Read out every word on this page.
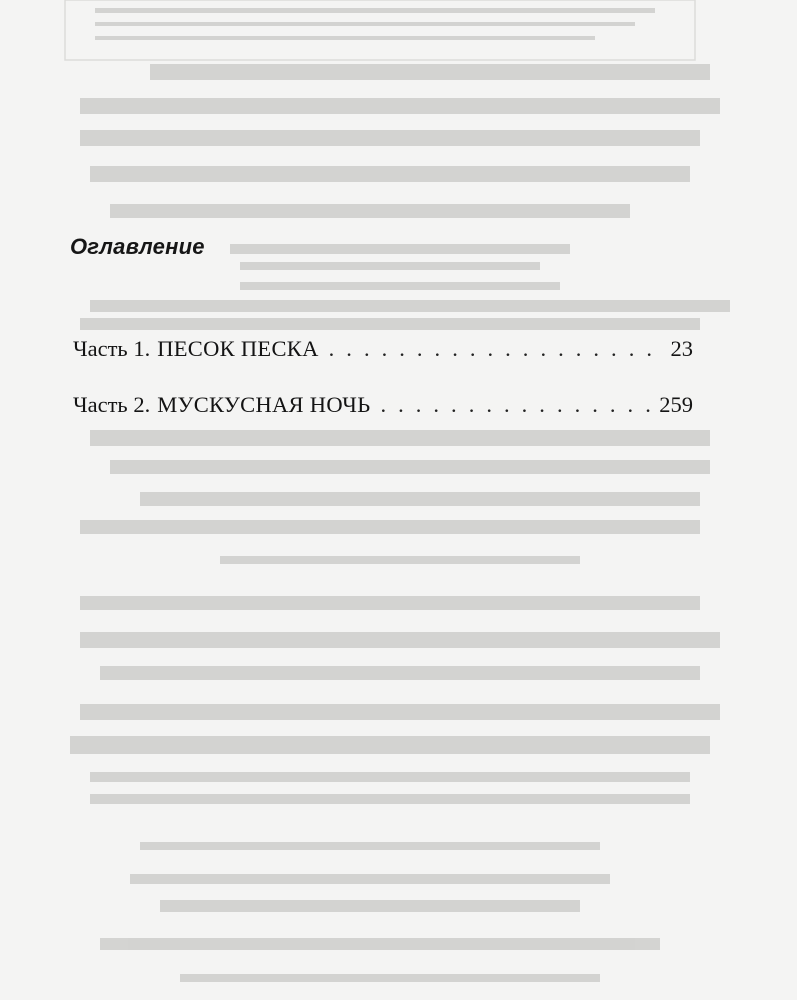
Оглавление
Часть 1. ПЕСОК ПЕСКА . . .	23
Часть 2. МУСКУСНАЯ НОЧЬ . . .	259
